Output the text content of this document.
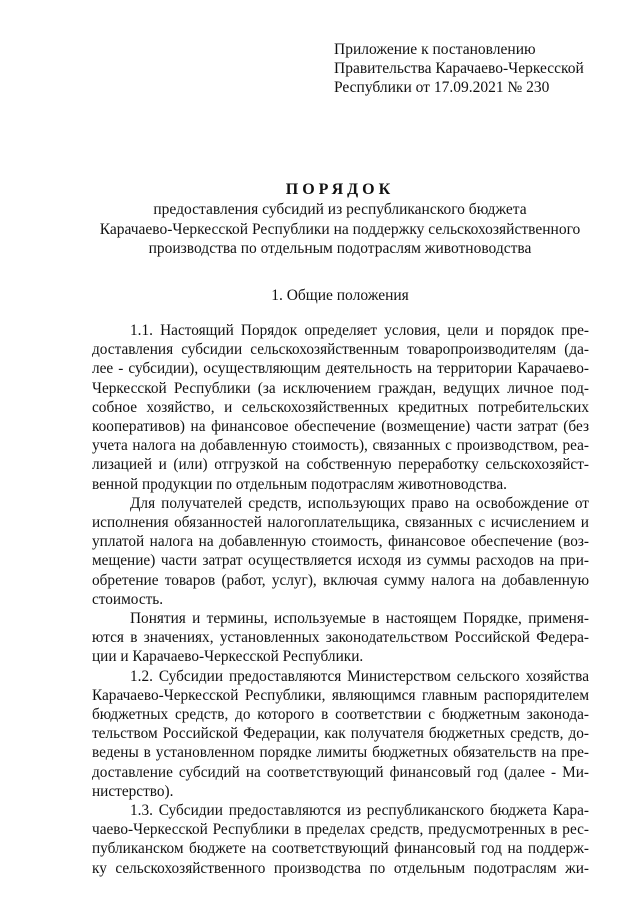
Приложение к постановлению
Правительства Карачаево-Черкесской
Республики от 17.09.2021 № 230
ПОРЯДОК
предоставления субсидий из республиканского бюджета
Карачаево-Черкесской Республики на поддержку сельскохозяйственного
производства по отдельным подотраслям животноводства
1. Общие положения
1.1. Настоящий Порядок определяет условия, цели и порядок пре-
доставления субсидии сельскохозяйственным товаропроизводителям (да-
лее - субсидии), осуществляющим деятельность на территории Карачаево-
Черкесской Республики (за исключением граждан, ведущих личное под-
собное хозяйство, и сельскохозяйственных кредитных потребительских
кооперативов) на финансовое обеспечение (возмещение) части затрат (без
учета налога на добавленную стоимость), связанных с производством, реа-
лизацией и (или) отгрузкой на собственную переработку сельскохозяйст-
венной продукции по отдельным подотраслям животноводства.
Для получателей средств, использующих право на освобождение от
исполнения обязанностей налогоплательщика, связанных с исчислением и
уплатой налога на добавленную стоимость, финансовое обеспечение (воз-
мещение) части затрат осуществляется исходя из суммы расходов на при-
обретение товаров (работ, услуг), включая сумму налога на добавленную
стоимость.
Понятия и термины, используемые в настоящем Порядке, применя-
ются в значениях, установленных законодательством Российской Федера-
ции и Карачаево-Черкесской Республики.
1.2. Субсидии предоставляются Министерством сельского хозяйства
Карачаево-Черкесской Республики, являющимся главным распорядителем
бюджетных средств, до которого в соответствии с бюджетным законода-
тельством Российской Федерации, как получателя бюджетных средств, до-
ведены в установленном порядке лимиты бюджетных обязательств на пре-
доставление субсидий на соответствующий финансовый год (далее - Ми-
нистерство).
1.3. Субсидии предоставляются из республиканского бюджета Кара-
чаево-Черкесской Республики в пределах средств, предусмотренных в рес-
публиканском бюджете на соответствующий финансовый год на поддерж-
ку сельскохозяйственного производства по отдельным подотраслям жи-
